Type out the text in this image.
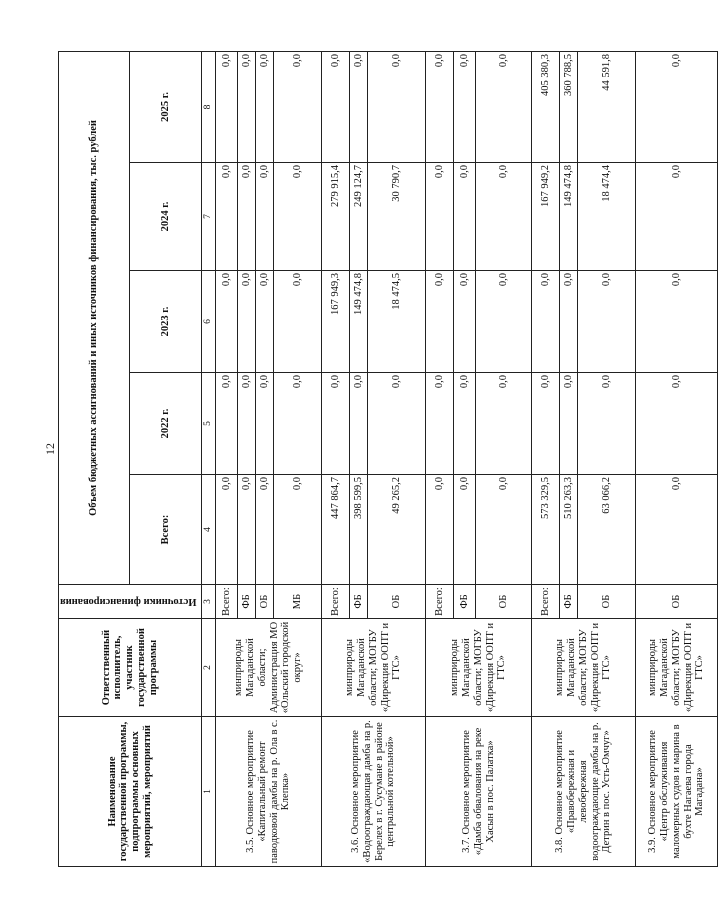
12
Наименование государственной программы, подпрограммы основных мероприятий, мероприятий	Ответственный исполнитель, участник государственной программы	Источники финансирования	Объем бюджетных ассигнований и иных источников финансирования, тыс. рублей				
			Всего:	2022 г.	2023 г.	2024 г.	2025 г.
1	2	3	4	5	6	7	8
3.5. Основное мероприятие «Капитальный ремонт паводковой дамбы на р. Ола в с. Клепка»	минприроды Магаданской области; Администрация МО «Ольский городской округ»	Всего:	0,0	0,0	0,0	0,0	0,0
		ФБ	0,0	0,0	0,0	0,0	0,0
		ОБ	0,0	0,0	0,0	0,0	0,0
		МБ	0,0	0,0	0,0	0,0	0,0
3.6. Основное мероприятие «Водоограждающая дамба на р. Берелех в г. Сусумане в районе центральной котельной»	минприроды Магаданской области; МОГБУ «Дирекция ООПТ и ГТС»	Всего:	447 864,7	0,0	167 949,3	279 915,4	0,0
		ФБ	398 599,5	0,0	149 474,8	249 124,7	0,0
		ОБ	49 265,2	0,0	18 474,5	30 790,7	0,0
3.7. Основное мероприятие «Дамба обвалования на реке Хасын в пос. Палатка»	минприроды Магаданской области; МОГБУ «Дирекция ООПТ и ГТС»	Всего:	0,0	0,0	0,0	0,0	0,0
		ФБ	0,0	0,0	0,0	0,0	0,0
		ОБ	0,0	0,0	0,0	0,0	0,0
3.8. Основное мероприятие «Правобережная и левобережная водоограждающие дамбы на р. Детрин в пос. Усть-Омчуг»	минприроды Магаданской области; МОГБУ «Дирекция ООПТ и ГТС»	Всего:	573 329,5	0,0	0,0	167 949,2	405 380,3
		ФБ	510 263,3	0,0	0,0	149 474,8	360 788,5
		ОБ	63 066,2	0,0	0,0	18 474,4	44 591,8
3.9. Основное мероприятие «Центр обслуживания маломерных судов и марина в бухте Нагаева города Магадана»	минприроды Магаданской области; МОГБУ «Дирекция ООПТ и ГТС»	ОБ	0,0	0,0	0,0	0,0	0,0
